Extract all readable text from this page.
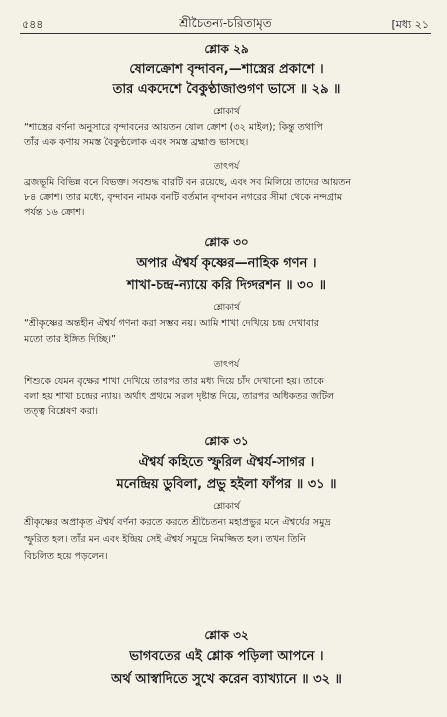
৫৪৪	শ্রীচৈতন্য-চরিতামৃত	[মধ্য ২১
শ্লোক ২৯
ষোলক্রোশ বৃন্দাবন,—শাস্ত্রের প্রকাশে ।
তার একদেশে বৈকুণ্ঠাজাণ্ডগণ ভাসে ॥ ২৯ ॥
শ্লোকার্থ
“শাস্ত্রের বর্ণনা অনুসারে বৃন্দাবনের আয়তন ষোল ক্রোশ (৩২ মাইল); কিন্তু তথাপি
তাঁর এক কণায় সমস্ত বৈকুণ্ঠলোক এবং সমস্ত ব্রহ্মাণ্ড ভাসছে।
তাৎপর্য
ব্রজভূমি বিভিন্ন বনে বিভক্ত। সবশুদ্ধ বারটি বন রয়েছে, এবং সব মিলিয়ে তাদের আয়তন
৮৪ ক্রোশ। তার মধ্যে, বৃন্দাবন নামক বনটি বর্তমান বৃন্দাবন নগরের সীমা থেকে নন্দগ্রাম
পর্যন্ত ১৬ ক্রোশ।
শ্লোক ৩০
অপার ঐশ্বর্য কৃষ্ণের—নাহিক গণন ।
শাখা-চন্দ্র-ন্যায়ে করি দিগ্দরশন ॥ ৩০ ॥
শ্লোকার্থ
“শ্রীকৃষ্ণের অন্তহীন ঐশ্বর্য গণনা করা সম্ভব নয়। আমি শাখা দেখিয়ে চন্দ্র দেখাবার
মতো তার ইঙ্গিত দিচ্ছি।”
তাৎপর্য
শিশুকে যেমন বৃক্ষের শাখা দেখিয়ে তারপর তার মধ্য দিয়ে চাঁদ দেখানো হয়। তাকে
বলা হয় শাখা চন্দ্রের ন্যায়। অর্থাৎ প্রথমে সরল দৃষ্টান্ত দিয়ে, তারপর অধিকতর জটিল
তত্ত্ব বিশ্লেষণ করা।
শ্লোক ৩১
ঐশ্বর্য কহিতে স্ফুরিল ঐশ্বর্য-সাগর ।
মনেন্দ্রিয় ডুবিলা, প্রভু হইলা ফাঁপর ॥ ৩১ ॥
শ্লোকার্থ
শ্রীকৃষ্ণের অপ্রাকৃত ঐশ্বর্য বর্ণনা করতে করতে শ্রীচৈতন্য মহাপ্রভুর মনে ঐশ্বর্যের সমুদ্র
স্ফুরিত হল। তাঁর মন এবং ইন্দ্রিয় সেই ঐশ্বর্য সমুদ্রে নিমজ্জিত হল। তখন তিনি
বিচলিত হয়ে পড়লেন।
শ্লোক ৩২
ভাগবতের এই শ্লোক পড়িলা আপনে ।
অর্থ আস্বাদিতে সুখে করেন ব্যাখ্যানে ॥ ৩২ ॥
